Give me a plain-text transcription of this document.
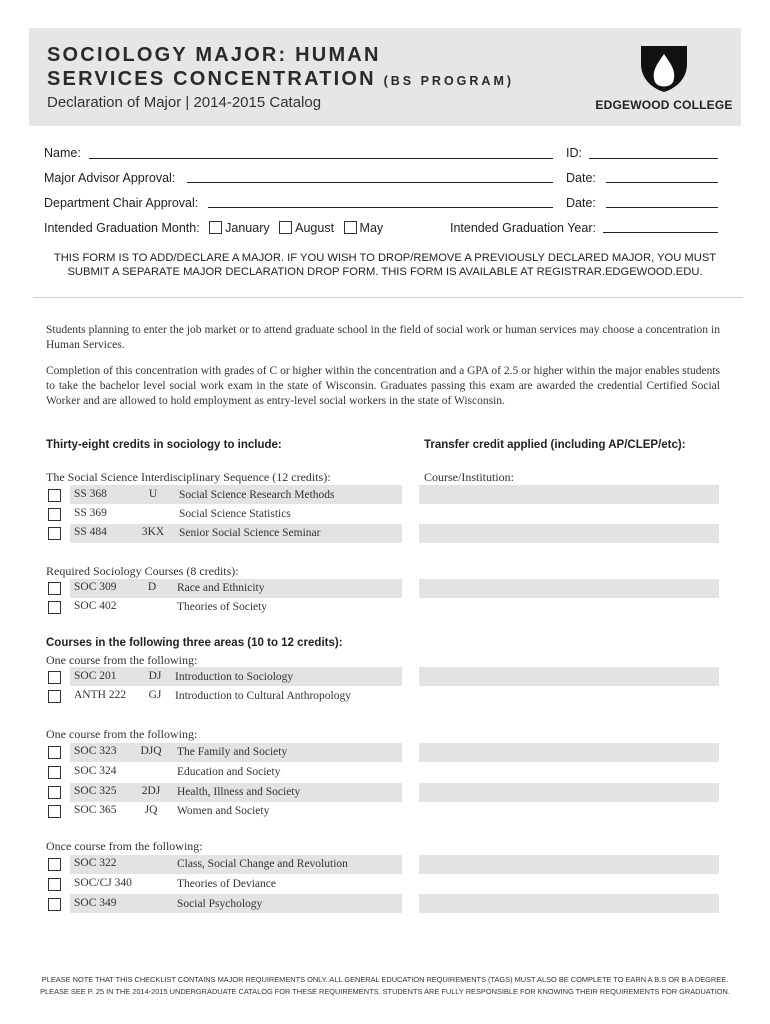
SOCIOLOGY MAJOR: HUMAN
SERVICES CONCENTRATION (BS PROGRAM)
Declaration of Major | 2014-2015 Catalog	EDGEWOOD COLLEGE
Name:	ID:
Major Advisor Approval:	Date:
Department Chair Approval:	Date:
Intended Graduation Month: January August May	Intended Graduation Year:
THIS FORM IS TO ADD/DECLARE A MAJOR. IF YOU WISH TO DROP/REMOVE A PREVIOUSLY DECLARED MAJOR, YOU MUST
SUBMIT A SEPARATE MAJOR DECLARATION DROP FORM. THIS FORM IS AVAILABLE AT REGISTRAR.EDGEWOOD.EDU.
Students planning to enter the job market or to attend graduate school in the field of social work or human services may choose a concentration in Human Services.
Completion of this concentration with grades of C or higher within the concentration and a GPA of 2.5 or higher within the major enables students to take the bachelor level social work exam in the state of Wisconsin. Graduates passing this exam are awarded the credential Certified Social Worker and are allowed to hold employment as entry-level social workers in the state of Wisconsin.
Thirty-eight credits in sociology to include:	Transfer credit applied (including AP/CLEP/etc):
The Social Science Interdisciplinary Sequence (12 credits):	Course/Institution:
SS 368	U	Social Science Research Methods
SS 369	Social Science Statistics
SS 484	3KX	Senior Social Science Seminar
Required Sociology Courses (8 credits):
SOC 309	D	Race and Ethnicity
SOC 402	Theories of Society
Courses in the following three areas (10 to 12 credits):
One course from the following:
SOC 201	DJ	Introduction to Sociology
ANTH 222	GJ	Introduction to Cultural Anthropology
One course from the following:
SOC 323	DJQ	The Family and Society
SOC 324	Education and Society
SOC 325	2DJ	Health, Illness and Society
SOC 365	JQ	Women and Society
Once course from the following:
SOC 322	Class, Social Change and Revolution
SOC/CJ 340	Theories of Deviance
SOC 349	Social Psychology
PLEASE NOTE THAT THIS CHECKLIST CONTAINS MAJOR REQUIREMENTS ONLY. ALL GENERAL EDUCATION REQUIREMENTS (TAGS) MUST ALSO BE COMPLETE TO EARN A B.S OR B.A DEGREE.
PLEASE SEE P. 25 IN THE 2014-2015 UNDERGRADUATE CATALOG FOR THESE REQUIREMENTS. STUDENTS ARE FULLY RESPONSIBLE FOR KNOWING THEIR REQUIREMENTS FOR GRADUATION.
